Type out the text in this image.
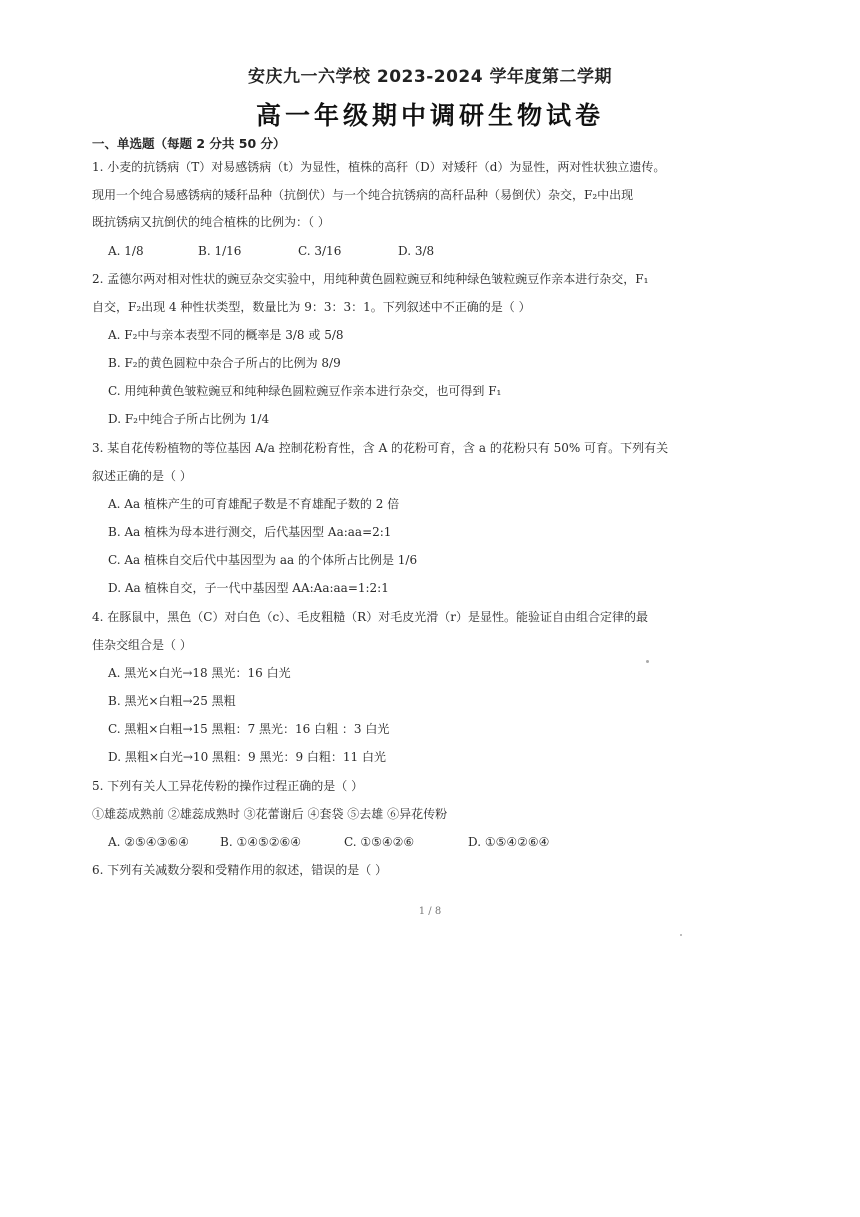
安庆九一六学校 2023-2024 学年度第二学期
高一年级期中调研生物试卷
一、单选题（每题 2 分共 50 分）
1. 小麦的抗锈病（T）对易感锈病（t）为显性，植株的高秆（D）对矮秆（d）为显性，两对性状独立遗传。
现用一个纯合易感锈病的矮秆品种（抗倒伏）与一个纯合抗锈病的高秆品种（易倒伏）杂交，F₂中出现
既抗锈病又抗倒伏的纯合植株的比例为：（ ）
A. 1/8	B. 1/16	C. 3/16	D. 3/8
2. 孟德尔两对相对性状的豌豆杂交实验中，用纯种黄色圆粒豌豆和纯种绿色皱粒豌豆作亲本进行杂交，F₁
自交，F₂出现 4 种性状类型，数量比为 9：3：3：1。下列叙述中不正确的是（ ）
A. F₂中与亲本表型不同的概率是 3/8 或 5/8
B. F₂的黄色圆粒中杂合子所占的比例为 8/9
C. 用纯种黄色皱粒豌豆和纯种绿色圆粒豌豆作亲本进行杂交，也可得到 F₁
D. F₂中纯合子所占比例为 1/4
3. 某自花传粉植物的等位基因 A/a 控制花粉育性，含 A 的花粉可育，含 a 的花粉只有 50% 可育。下列有关
叙述正确的是（ ）
A. Aa 植株产生的可育雄配子数是不育雄配子数的 2 倍
B. Aa 植株为母本进行测交，后代基因型 Aa:aa=2:1
C. Aa 植株自交后代中基因型为 aa 的个体所占比例是 1/6
D. Aa 植株自交，子一代中基因型 AA:Aa:aa=1:2:1
4. 在豚鼠中，黑色（C）对白色（c）、毛皮粗糙（R）对毛皮光滑（r）是显性。能验证自由组合定律的最
佳杂交组合是（ ）
A. 黑光×白光→18 黑光：16 白光
B. 黑光×白粗→25 黑粗
C. 黑粗×白粗→15 黑粗：7 黑光：16 白粗 ：3 白光
D. 黑粗×白光→10 黑粗：9 黑光：9 白粗：11 白光
5. 下列有关人工异花传粉的操作过程正确的是（ ）
①雄蕊成熟前 ②雄蕊成熟时 ③花蕾谢后 ④套袋 ⑤去雄 ⑥异花传粉
A. ②⑤④③⑥④	B. ①④⑤②⑥④	C. ①⑤④②⑥	D. ①⑤④②⑥④
6. 下列有关减数分裂和受精作用的叙述，错误的是（ ）
1 / 8
